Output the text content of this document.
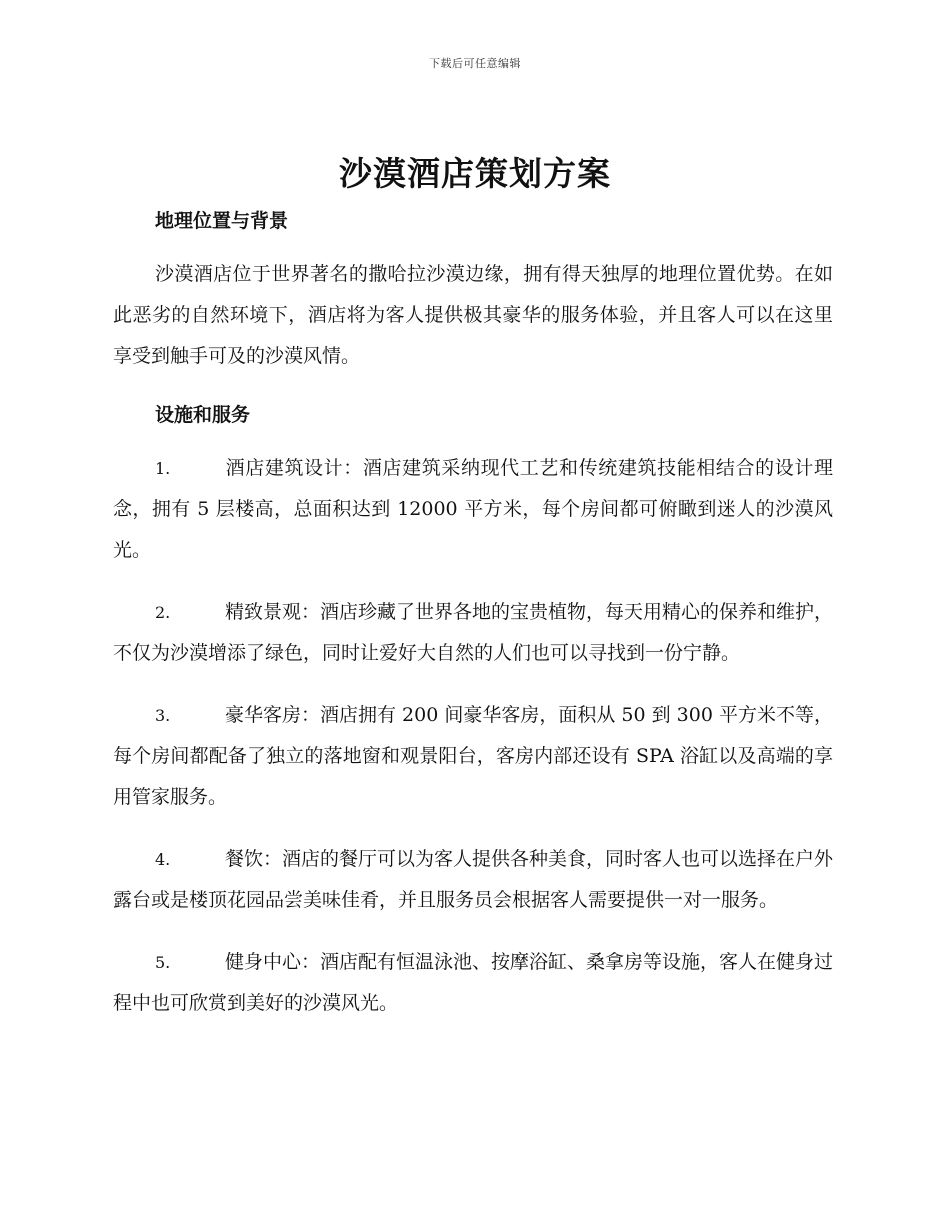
下载后可任意编辑
沙漠酒店策划方案
地理位置与背景

沙漠酒店位于世界著名的撒哈拉沙漠边缘，拥有得天独厚的地理位置优势。在如此恶劣的自然环境下，酒店将为客人提供极其豪华的服务体验，并且客人可以在这里享受到触手可及的沙漠风情。

设施和服务

1.	酒店建筑设计：酒店建筑采纳现代工艺和传统建筑技能相结合的设计理念，拥有 5 层楼高，总面积达到 12000 平方米，每个房间都可俯瞰到迷人的沙漠风光。

2.	精致景观：酒店珍藏了世界各地的宝贵植物，每天用精心的保养和维护，不仅为沙漠增添了绿色，同时让爱好大自然的人们也可以寻找到一份宁静。

3.	豪华客房：酒店拥有 200 间豪华客房，面积从 50 到 300 平方米不等，每个房间都配备了独立的落地窗和观景阳台，客房内部还设有 SPA 浴缸以及高端的享用管家服务。

4.	餐饮：酒店的餐厅可以为客人提供各种美食，同时客人也可以选择在户外露台或是楼顶花园品尝美味佳肴，并且服务员会根据客人需要提供一对一服务。

5.	健身中心：酒店配有恒温泳池、按摩浴缸、桑拿房等设施，客人在健身过程中也可欣赏到美好的沙漠风光。
